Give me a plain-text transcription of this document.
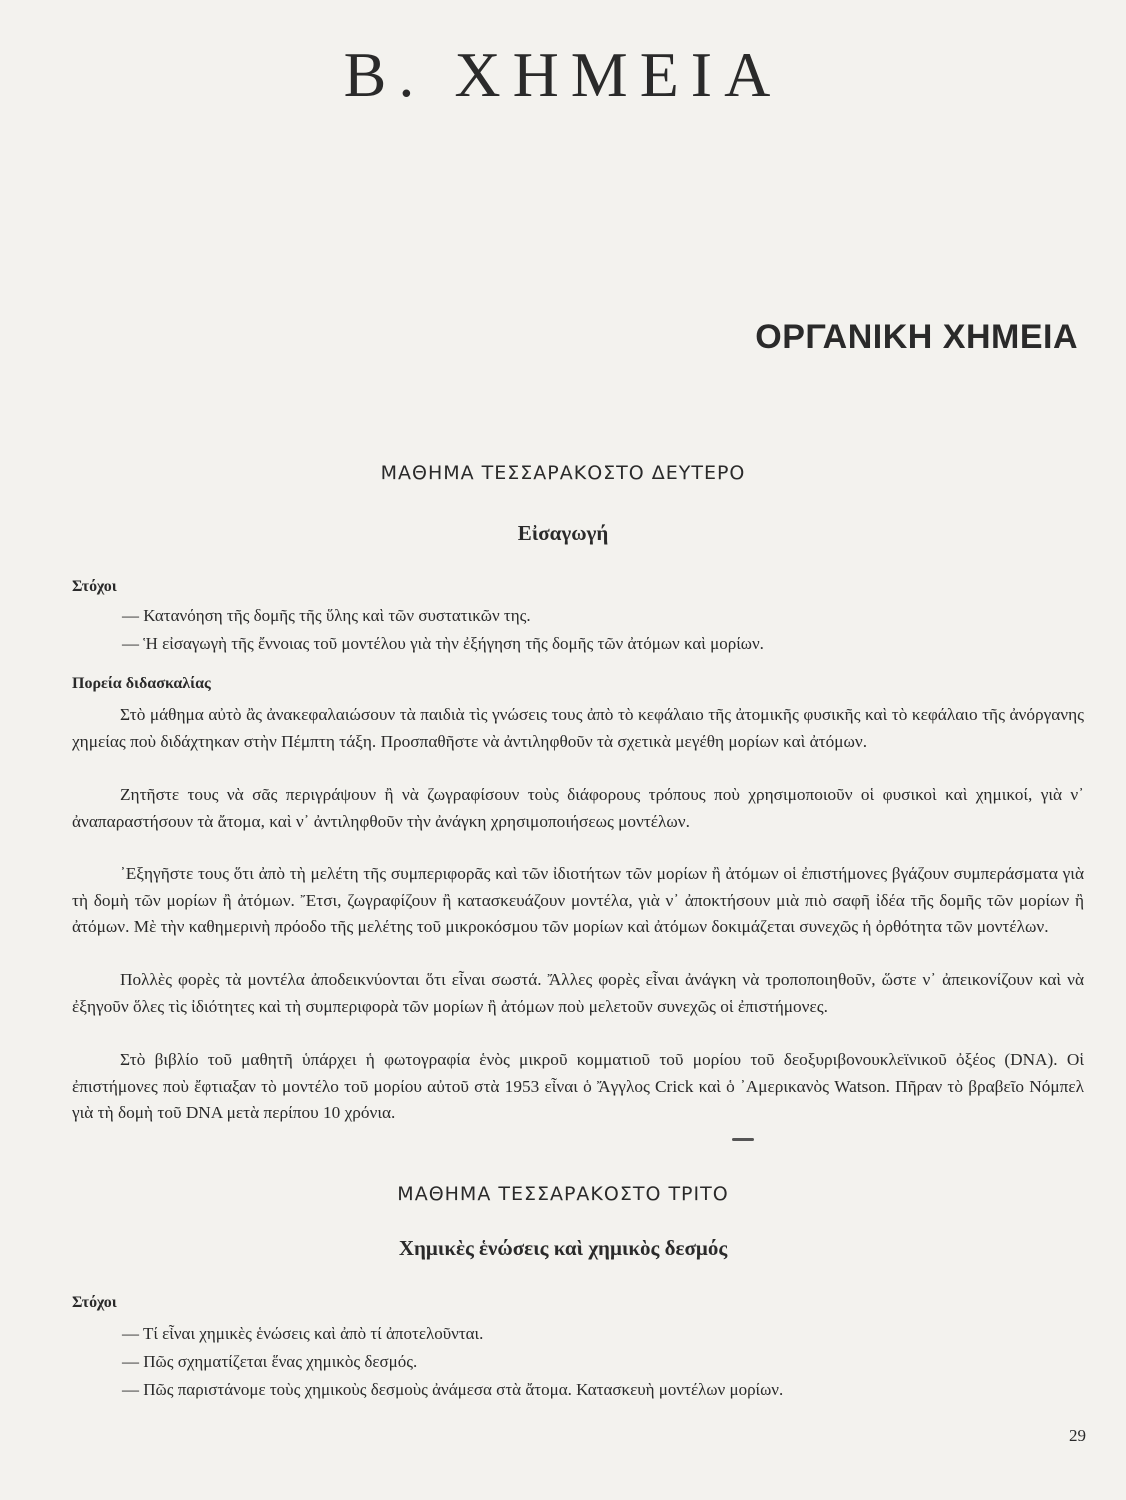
Β. ΧΗΜΕΙΑ
ΟΡΓΑΝΙΚΗ ΧΗΜΕΙΑ
ΜΑΘΗΜΑ ΤΕΣΣΑΡΑΚΟΣΤΟ ΔΕΥΤΕΡΟ
Εἰσαγωγή

Στόχοι

— Κατανόηση τῆς δομῆς τῆς ὕλης καὶ τῶν συστατικῶν της.

— Ἡ εἰσαγωγὴ τῆς ἔννοιας τοῦ μοντέλου γιὰ τὴν ἐξήγηση τῆς δομῆς τῶν ἀτόμων καὶ μορίων.

Πορεία διδασκαλίας

Στὸ μάθημα αὐτὸ ἂς ἀνακεφαλαιώσουν τὰ παιδιὰ τὶς γνώσεις τους ἀπὸ τὸ κεφάλαιο τῆς ἀτομικῆς φυσικῆς καὶ τὸ κεφάλαιο τῆς ἀνόργανης χημείας ποὺ διδάχτηκαν στὴν Πέμπτη τάξη. Προσπαθῆστε νὰ ἀντιληφθοῦν τὰ σχετικὰ μεγέθη μορίων καὶ ἀτόμων.

Ζητῆστε τους νὰ σᾶς περιγράψουν ἢ νὰ ζωγραφίσουν τοὺς διάφορους τρόπους ποὺ χρησιμοποιοῦν οἱ φυσικοὶ καὶ χημικοί, γιὰ ν᾽ ἀναπαραστήσουν τὰ ἄτομα, καὶ ν᾽ ἀντιληφθοῦν τὴν ἀνάγκη χρησιμοποιήσεως μοντέλων.

᾽Εξηγῆστε τους ὅτι ἀπὸ τὴ μελέτη τῆς συμπεριφορᾶς καὶ τῶν ἰδιοτήτων τῶν μορίων ἢ ἀτόμων οἱ ἐπιστήμονες βγάζουν συμπεράσματα γιὰ τὴ δομὴ τῶν μορίων ἢ ἀτόμων. Ἔτσι, ζωγραφίζουν ἢ κατασκευάζουν μοντέλα, γιὰ ν᾽ ἀποκτήσουν μιὰ πιὸ σαφῆ ἰδέα τῆς δομῆς τῶν μορίων ἢ ἀτόμων. Μὲ τὴν καθημερινὴ πρόοδο τῆς μελέτης τοῦ μικροκόσμου τῶν μορίων καὶ ἀτόμων δοκιμάζεται συνεχῶς ἡ ὀρθότητα τῶν μοντέλων.

Πολλὲς φορὲς τὰ μοντέλα ἀποδεικνύονται ὅτι εἶναι σωστά. Ἄλλες φορὲς εἶναι ἀνάγκη νὰ τροποποιηθοῦν, ὥστε ν᾽ ἀπεικονίζουν καὶ νὰ ἐξηγοῦν ὅλες τὶς ἰδιότητες καὶ τὴ συμπεριφορὰ τῶν μορίων ἢ ἀτόμων ποὺ μελετοῦν συνεχῶς οἱ ἐπιστήμονες.

Στὸ βιβλίο τοῦ μαθητῆ ὑπάρχει ἡ φωτογραφία ἑνὸς μικροῦ κομματιοῦ τοῦ μορίου τοῦ δεοξυριβονουκλεϊνικοῦ ὀξέος (DNA). Οἱ ἐπιστήμονες ποὺ ἔφτιαξαν τὸ μοντέλο τοῦ μορίου αὐτοῦ στὰ 1953 εἶναι ὁ Ἄγγλος Crick καὶ ὁ ᾽Αμερικανὸς Watson. Πῆραν τὸ βραβεῖο Νόμπελ γιὰ τὴ δομὴ τοῦ DNA μετὰ περίπου 10 χρόνια.

ΜΑΘΗΜΑ ΤΕΣΣΑΡΑΚΟΣΤΟ ΤΡΙΤΟ
Χημικὲς ἑνώσεις καὶ χημικὸς δεσμός

Στόχοι

— Τί εἶναι χημικὲς ἑνώσεις καὶ ἀπὸ τί ἀποτελοῦνται.

— Πῶς σχηματίζεται ἕνας χημικὸς δεσμός.

— Πῶς παριστάνομε τοὺς χημικοὺς δεσμοὺς ἀνάμεσα στὰ ἄτομα. Κατασκευὴ μοντέλων μορίων.

29
